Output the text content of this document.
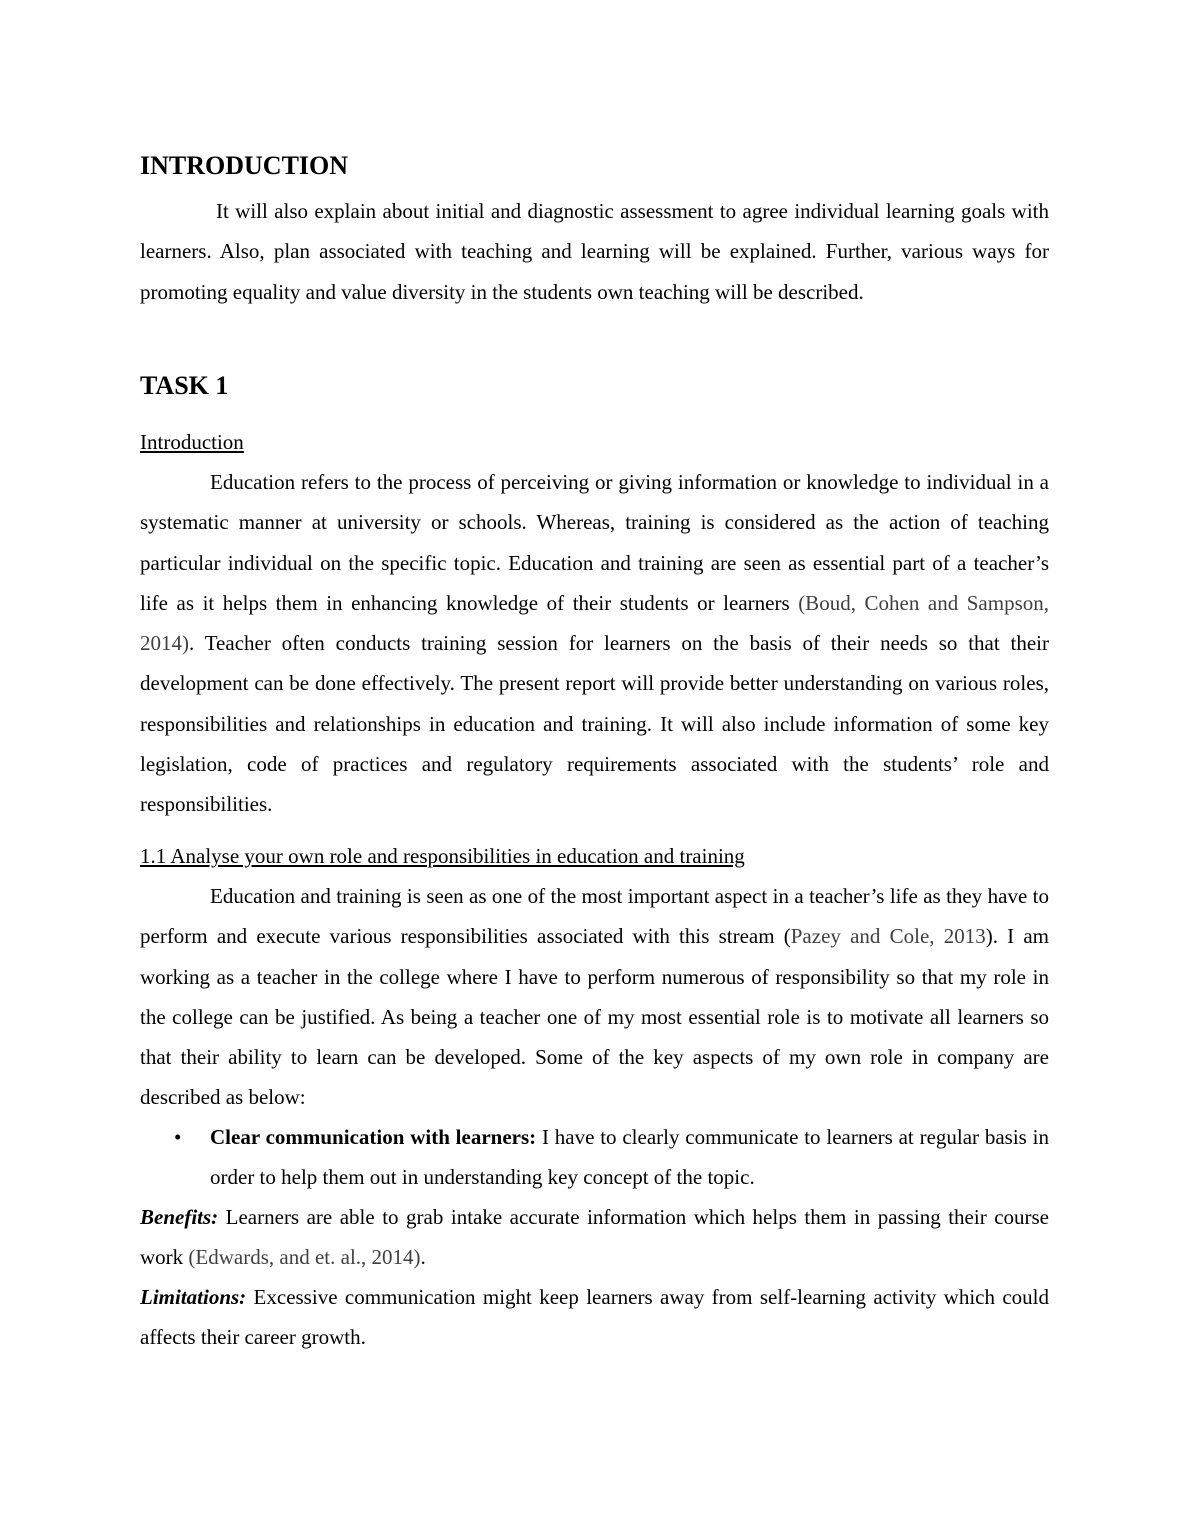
INTRODUCTION

It will also explain about initial and diagnostic assessment to agree individual learning goals with learners. Also, plan associated with teaching and learning will be explained. Further, various ways for promoting equality and value diversity in the students own teaching will be described.

TASK 1

Introduction

Education refers to the process of perceiving or giving information or knowledge to individual in a systematic manner at university or schools. Whereas, training is considered as the action of teaching particular individual on the specific topic. Education and training are seen as essential part of a teacher’s life as it helps them in enhancing knowledge of their students or learners (Boud, Cohen and Sampson, 2014). Teacher often conducts training session for learners on the basis of their needs so that their development can be done effectively. The present report will provide better understanding on various roles, responsibilities and relationships in education and training. It will also include information of some key legislation, code of practices and regulatory requirements associated with the students’ role and responsibilities.

1.1 Analyse your own role and responsibilities in education and training

Education and training is seen as one of the most important aspect in a teacher’s life as they have to perform and execute various responsibilities associated with this stream (Pazey and Cole, 2013). I am working as a teacher in the college where I have to perform numerous of responsibility so that my role in the college can be justified. As being a teacher one of my most essential role is to motivate all learners so that their ability to learn can be developed. Some of the key aspects of my own role in company are described as below:

• Clear communication with learners: I have to clearly communicate to learners at regular basis in order to help them out in understanding key concept of the topic.

Benefits: Learners are able to grab intake accurate information which helps them in passing their course work (Edwards, and et. al., 2014).

Limitations: Excessive communication might keep learners away from self-learning activity which could affects their career growth.
